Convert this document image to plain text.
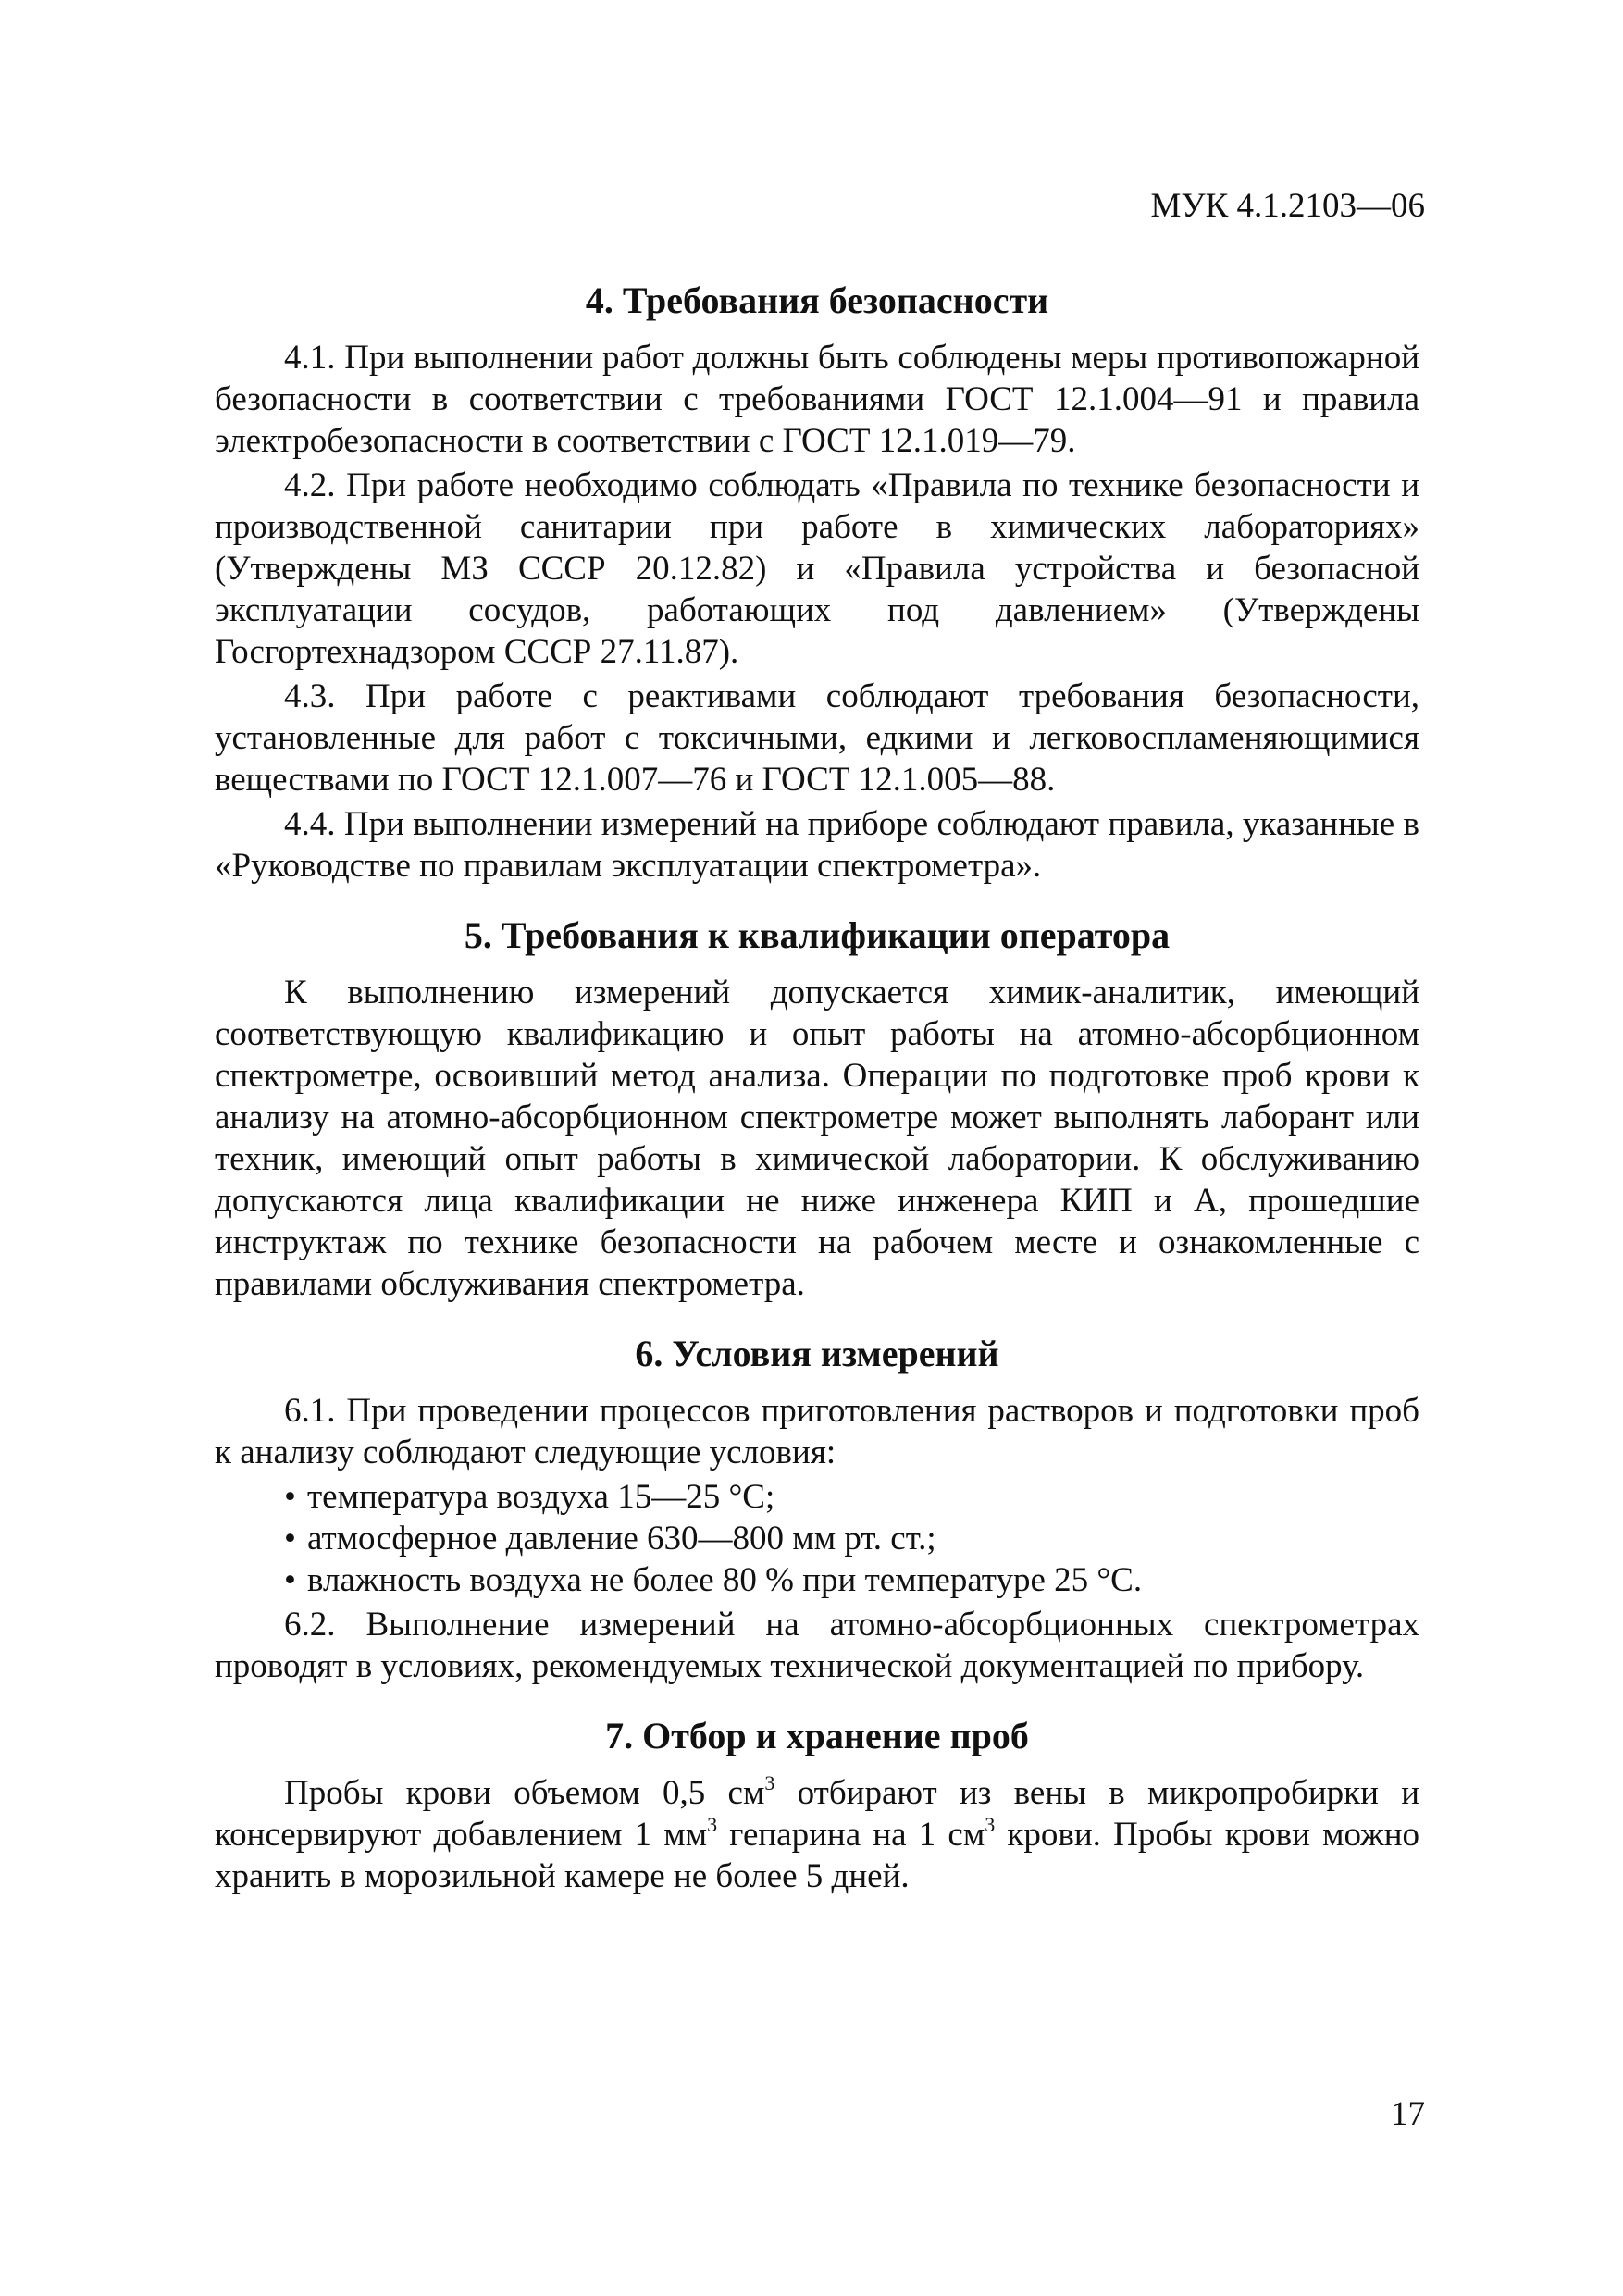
МУК 4.1.2103—06
4. Требования безопасности

4.1. При выполнении работ должны быть соблюдены меры противопожарной безопасности в соответствии с требованиями ГОСТ 12.1.004—91 и правила электробезопасности в соответствии с ГОСТ 12.1.019—79.

4.2. При работе необходимо соблюдать «Правила по технике безопасности и производственной санитарии при работе в химических лабораториях» (Утверждены МЗ СССР 20.12.82) и «Правила устройства и безопасной эксплуатации сосудов, работающих под давлением» (Утверждены Госгортехнадзором СССР 27.11.87).

4.3. При работе с реактивами соблюдают требования безопасности, установленные для работ с токсичными, едкими и легковоспламеняющимися веществами по ГОСТ 12.1.007—76 и ГОСТ 12.1.005—88.

4.4. При выполнении измерений на приборе соблюдают правила, указанные в «Руководстве по правилам эксплуатации спектрометра».

5. Требования к квалификации оператора

К выполнению измерений допускается химик-аналитик, имеющий соответствующую квалификацию и опыт работы на атомно-абсорбционном спектрометре, освоивший метод анализа. Операции по подготовке проб крови к анализу на атомно-абсорбционном спектрометре может выполнять лаборант или техник, имеющий опыт работы в химической лаборатории. К обслуживанию допускаются лица квалификации не ниже инженера КИП и А, прошедшие инструктаж по технике безопасности на рабочем месте и ознакомленные с правилами обслуживания спектрометра.

6. Условия измерений

6.1. При проведении процессов приготовления растворов и подготовки проб к анализу соблюдают следующие условия:

• температура воздуха 15—25 °С;
• атмосферное давление 630—800 мм рт. ст.;
• влажность воздуха не более 80 % при температуре 25 °С.

6.2. Выполнение измерений на атомно-абсорбционных спектрометрах проводят в условиях, рекомендуемых технической документацией по прибору.

7. Отбор и хранение проб

Пробы крови объемом 0,5 $см^3$ отбирают из вены в микропробирки и консервируют добавлением 1 $мм^3$ гепарина на 1 $см^3$ крови. Пробы крови можно хранить в морозильной камере не более 5 дней.

17
